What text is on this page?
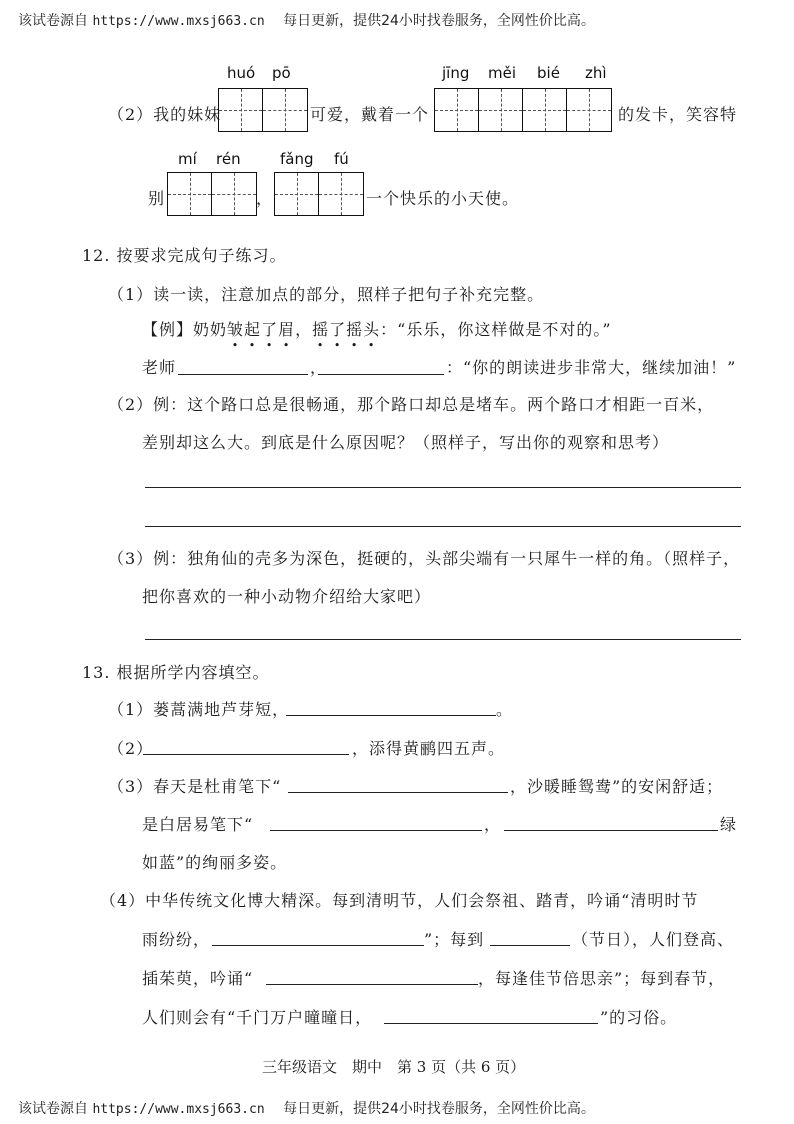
该试卷源自 https://www.mxsj663.cn 每日更新，提供24小时找卷服务，全网性价比高。
huó pō	jīng měi bié zhì
（2）我的妹妹	可爱，戴着一个	的发卡，笑容特
mí rén	fǎng fú
别	，	一个快乐的小天使。
12. 按要求完成句子练习。
（1）读一读，注意加点的部分，照样子把句子补充完整。
【例】奶奶皱起了眉，摇了摇头：“乐乐，你这样做是不对的。”
老师	，	：“你的朗读进步非常大，继续加油！”
（2）例：这个路口总是很畅通，那个路口却总是堵车。两个路口才相距一百米，
差别却这么大。到底是什么原因呢？（照样子，写出你的观察和思考）
（3）例：独角仙的壳多为深色，挺硬的，头部尖端有一只犀牛一样的角。（照样子，
把你喜欢的一种小动物介绍给大家吧）
13. 根据所学内容填空。
（1）蒌蒿满地芦芽短，	。
（2）	，添得黄鹂四五声。
（3）春天是杜甫笔下“	，沙暖睡鸳鸯”的安闲舒适；
是白居易笔下“	，	绿
如蓝”的绚丽多姿。
（4）中华传统文化博大精深。每到清明节，人们会祭祖、踏青，吟诵“清明时节
雨纷纷，	”；每到	（节日），人们登高、
插茱萸，吟诵“	，每逢佳节倍思亲”；每到春节，
人们则会有“千门万户曈曈日，	”的习俗。
三年级语文　期中　第 3 页（共 6 页）
该试卷源自 https://www.mxsj663.cn 每日更新，提供24小时找卷服务，全网性价比高。
